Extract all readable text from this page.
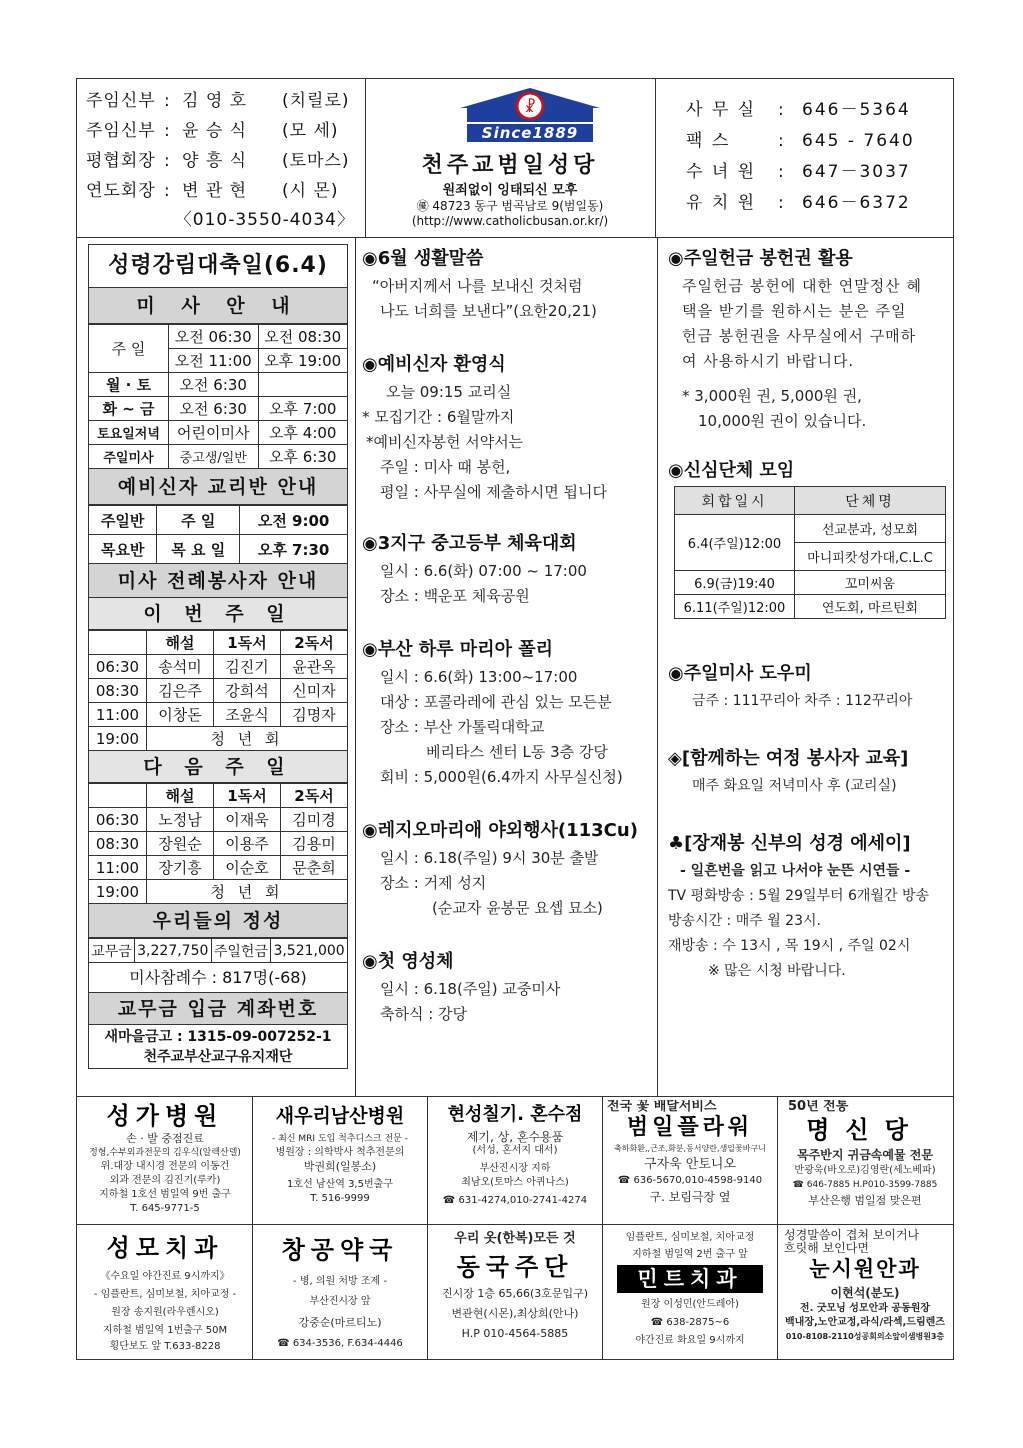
주임신부 : 김 영 호	(치릴로)
주임신부 : 윤 승 식	(모 세)
평협회장 : 양 흥 식	(토마스)
연도회장 : 변 관 현	(시 몬)
〈010-3550-4034〉
☧
Since1889
천주교범일성당
원죄없이 잉태되신 모후
㊝ 48723 동구 범곡남로 9(범일동)
(http://www.catholicbusan.or.kr/)
사 무 실	: 646－5364
팩 스	: 645 - 7640
수 녀 원	: 647－3037
유 치 원	: 646－6372
성령강림대축일(6.4)
미 사 안 내
주 일	오전 06:30	오전 08:30
	오전 11:00	오후 19:00
월 · 토	오전 6:30	
화 ~ 금	오전 6:30	오후 7:00
토요일저녁	어린이미사	오후 4:00
주일미사	중고생/일반	오후 6:30
예비신자 교리반 안내
주일반	주 일	오전 9:00
목요반	목 요 일	오후 7:30
미사 전례봉사자 안내
이 번 주 일
	해설	1독서	2독서
06:30	송석미	김진기	윤관옥
08:30	김은주	강희석	신미자
11:00	이창돈	조윤식	김명자
19:00	청 년 회		
다 음 주 일
	해설	1독서	2독서
06:30	노정남	이재욱	김미경
08:30	장원순	이용주	김용미
11:00	장기흥	이순호	문춘희
19:00	청 년 회		
우리들의 정성
교무금	3,227,750	주일헌금	3,521,000
미사참례수 : 817명(-68)
교무금 입금 계좌번호
새마을금고 : 1315-09-007252-1
천주교부산교구유지재단
◉6월 생활말씀
“아버지께서 나를 보내신 것처럼
나도 너희를 보낸다”(요한20,21)
◉예비신자 환영식
오늘 09:15 교리실
* 모집기간 : 6월말까지
*예비신자봉헌 서약서는
주일 : 미사 때 봉헌,
평일 : 사무실에 제출하시면 됩니다
◉3지구 중고등부 체육대회
일시 : 6.6(화) 07:00 ~ 17:00
장소 : 백운포 체육공원
◉부산 하루 마리아 폴리
일시 : 6.6(화) 13:00~17:00
대상 : 포콜라레에 관심 있는 모든분
장소 : 부산 가톨릭대학교
베리타스 센터 L동 3층 강당
회비 : 5,000원(6.4까지 사무실신청)
◉레지오마리애 야외행사(113Cu)
일시 : 6.18(주일) 9시 30분 출발
장소 : 거제 성지
(순교자 윤봉문 요셉 묘소)
◉첫 영성체
일시 : 6.18(주일) 교중미사
축하식 : 강당
◉주일헌금 봉헌권 활용
주일헌금 봉헌에 대한 연말정산 혜
택을 받기를 원하시는 분은 주일
헌금 봉헌권을 사무실에서 구매하
여 사용하시기 바랍니다.
* 3,000원 권, 5,000원 권,
10,000원 권이 있습니다.
◉신심단체 모임
회합일시	단체명
6.4(주일)12:00	선교분과, 성모회
	마니피캇성가대,C.L.C
6.9(금)19:40	꼬미씨움
6.11(주일)12:00	연도회, 마르틴회
◉주일미사 도우미
금주 : 111꾸리아 차주 : 112꾸리아
◈[함께하는 여정 봉사자 교육]
매주 화요일 저녁미사 후 (교리실)
♣[장재봉 신부의 성경 에세이]
- 일흔번을 읽고 나서야 눈뜬 시연들 -
TV 평화방송 : 5월 29일부터 6개월간 방송
방송시간 : 매주 월 23시.
재방송 : 수 13시 , 목 19시 , 주일 02시
※ 많은 시청 바랍니다.
성가병원
손 · 발 중점진료
정형,수부외과전문의 김우식(알렉산델)
위.대장 내시경 전문의 이동건
외과 전문의 김진기(루카)
지하철 1호선 범일역 9번 출구
T. 645-9771-5
새우리남산병원
- 최신 MRI 도입 척추디스크 전문 -
병원장 : 의학박사 척추전문의
박권희(일봉소)
1호선 남산역 3,5번출구
T. 516-9999
현성칠기. 혼수점
제기, 상, 혼수용품
(서성, 혼서지 대서)
부산진시장 지하
최남오(토마스 아퀴나스)
☎ 631-4274,010-2741-4274
전국 꽃 배달서비스
범일플라워
축하화환,,근조,화분,동서양란,생일꽃바구니
구자욱 안토니오
☎ 636-5670,010-4598-9140
구. 보림극장 옆
50년 전통
명신당
목주반지 귀금속예물 전문
반광욱(바오로)김영란(세노베파)
☎ 646-7885 H.P010-3599-7885
부산은행 범일점 맞은편
성모치과
《수요일 야간진료 9시까지》
- 임플란트, 심미보철, 치아교정 -
원장 송지원(라우렌시오)
지하철 범일역 1번출구 50M
횡단보도 앞 T.633-8228
창공약국
- 병, 의원 처방 조제 -
부산진시장 앞
강중순(마르티노)
☎ 634-3536, F.634-4446
우리 옷(한복)모든 것
동국주단
진시장 1층 65,66(3호문입구)
변관현(시몬),최상희(안나)
H.P 010-4564-5885
임플란트, 심미보철, 치아교정
지하철 범일역 2번 출구 앞
민트치과
원장 이성민(안드레아)
☎ 638-2875~6
야간진료 화요일 9시까지
성경말씀이 겹쳐 보이거나
흐릿해 보인다면
눈시원안과
이현석(분도)
전. 굿모닝 성모안과 공동원장
백내장,노안교정,라식/라섹,드림렌즈
010-8108-2110성공회의소앞이샘병원3층
